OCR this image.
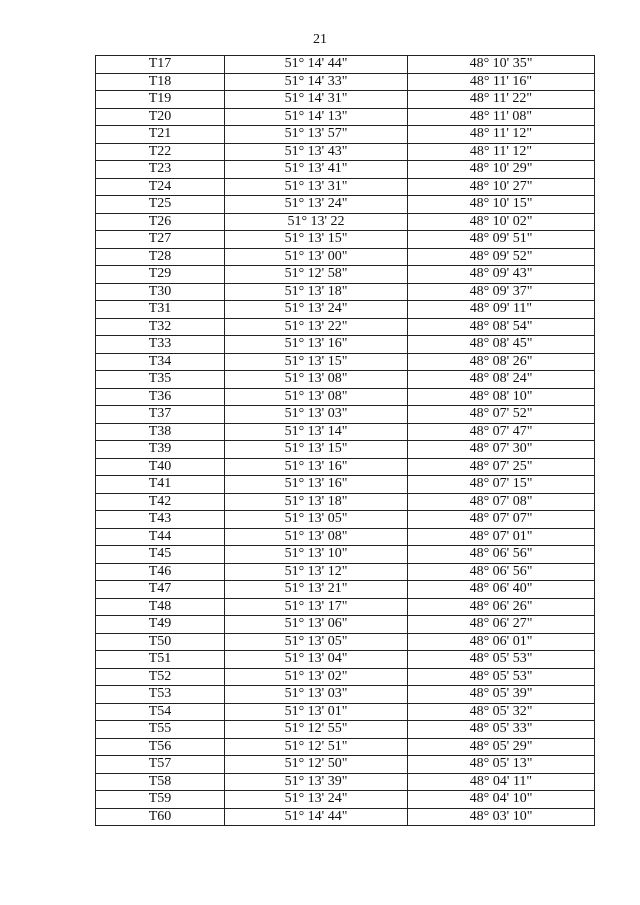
21
T17	51° 14' 44"	48° 10' 35"
T18	51° 14' 33"	48° 11' 16"
T19	51° 14' 31"	48° 11' 22"
T20	51° 14' 13"	48° 11' 08"
T21	51° 13' 57"	48° 11' 12"
T22	51° 13' 43"	48° 11' 12"
T23	51° 13' 41"	48° 10' 29"
T24	51° 13' 31"	48° 10' 27"
T25	51° 13' 24"	48° 10' 15"
T26	51° 13' 22	48° 10' 02"
T27	51° 13' 15"	48° 09' 51"
T28	51° 13' 00"	48° 09' 52"
T29	51° 12' 58"	48° 09' 43"
T30	51° 13' 18"	48° 09' 37"
T31	51° 13' 24"	48° 09' 11"
T32	51° 13' 22"	48° 08' 54"
T33	51° 13' 16"	48° 08' 45"
T34	51° 13' 15"	48° 08' 26"
T35	51° 13' 08"	48° 08' 24"
T36	51° 13' 08"	48° 08' 10"
T37	51° 13' 03"	48° 07' 52"
T38	51° 13' 14"	48° 07' 47"
T39	51° 13' 15"	48° 07' 30"
T40	51° 13' 16"	48° 07' 25"
T41	51° 13' 16"	48° 07' 15"
T42	51° 13' 18"	48° 07' 08"
T43	51° 13' 05"	48° 07' 07"
T44	51° 13' 08"	48° 07' 01"
T45	51° 13' 10"	48° 06' 56"
T46	51° 13' 12"	48° 06' 56"
T47	51° 13' 21"	48° 06' 40"
T48	51° 13' 17"	48° 06' 26"
T49	51° 13' 06"	48° 06' 27"
T50	51° 13' 05"	48° 06' 01"
T51	51° 13' 04"	48° 05' 53"
T52	51° 13' 02"	48° 05' 53"
T53	51° 13' 03"	48° 05' 39"
T54	51° 13' 01"	48° 05' 32"
T55	51° 12' 55"	48° 05' 33"
T56	51° 12' 51"	48° 05' 29"
T57	51° 12' 50"	48° 05' 13"
T58	51° 13' 39"	48° 04' 11"
T59	51° 13' 24"	48° 04' 10"
T60	51° 14' 44"	48° 03' 10"
